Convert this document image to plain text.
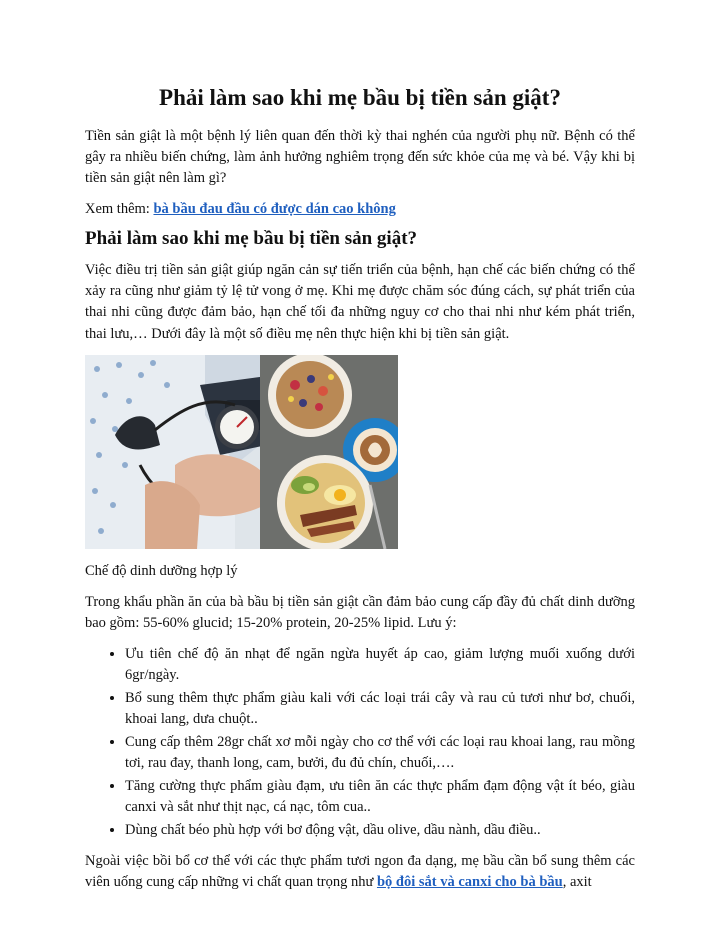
Phải làm sao khi mẹ bầu bị tiền sản giật?

Tiền sản giật là một bệnh lý liên quan đến thời kỳ thai nghén của người phụ nữ. Bệnh có thể gây ra nhiều biến chứng, làm ảnh hưởng nghiêm trọng đến sức khỏe của mẹ và bé. Vậy khi bị tiền sản giật nên làm gì?

Xem thêm: bà bầu đau đầu có được dán cao không

Phải làm sao khi mẹ bầu bị tiền sản giật?

Việc điều trị tiền sản giật giúp ngăn cản sự tiến triển của bệnh, hạn chế các biến chứng có thể xảy ra cũng như giảm tỷ lệ tử vong ở mẹ. Khi mẹ được chăm sóc đúng cách, sự phát triển của thai nhi cũng được đảm bảo, hạn chế tối đa những nguy cơ cho thai nhi như kém phát triển, thai lưu,… Dưới đây là một số điều mẹ nên thực hiện khi bị tiền sản giật.

Chế độ dinh dưỡng hợp lý

Trong khẩu phần ăn của bà bầu bị tiền sản giật cần đảm bảo cung cấp đầy đủ chất dinh dưỡng bao gồm: 55-60% glucid; 15-20% protein, 20-25% lipid. Lưu ý:

• Ưu tiên chế độ ăn nhạt để ngăn ngừa huyết áp cao, giảm lượng muối xuống dưới 6gr/ngày.
• Bổ sung thêm thực phẩm giàu kali với các loại trái cây và rau củ tươi như bơ, chuối, khoai lang, dưa chuột..
• Cung cấp thêm 28gr chất xơ mỗi ngày cho cơ thể với các loại rau khoai lang, rau mồng tơi, rau đay, thanh long, cam, bưởi, đu đủ chín, chuối,….
• Tăng cường thực phẩm giàu đạm, ưu tiên ăn các thực phẩm đạm động vật ít béo, giàu canxi và sắt như thịt nạc, cá nạc, tôm cua..
• Dùng chất béo phù hợp với bơ động vật, dầu olive, dầu nành, dầu điều..

Ngoài việc bồi bổ cơ thể với các thực phẩm tươi ngon đa dạng, mẹ bầu cần bổ sung thêm các viên uống cung cấp những vi chất quan trọng như bộ đôi sắt và canxi cho bà bầu, axit
